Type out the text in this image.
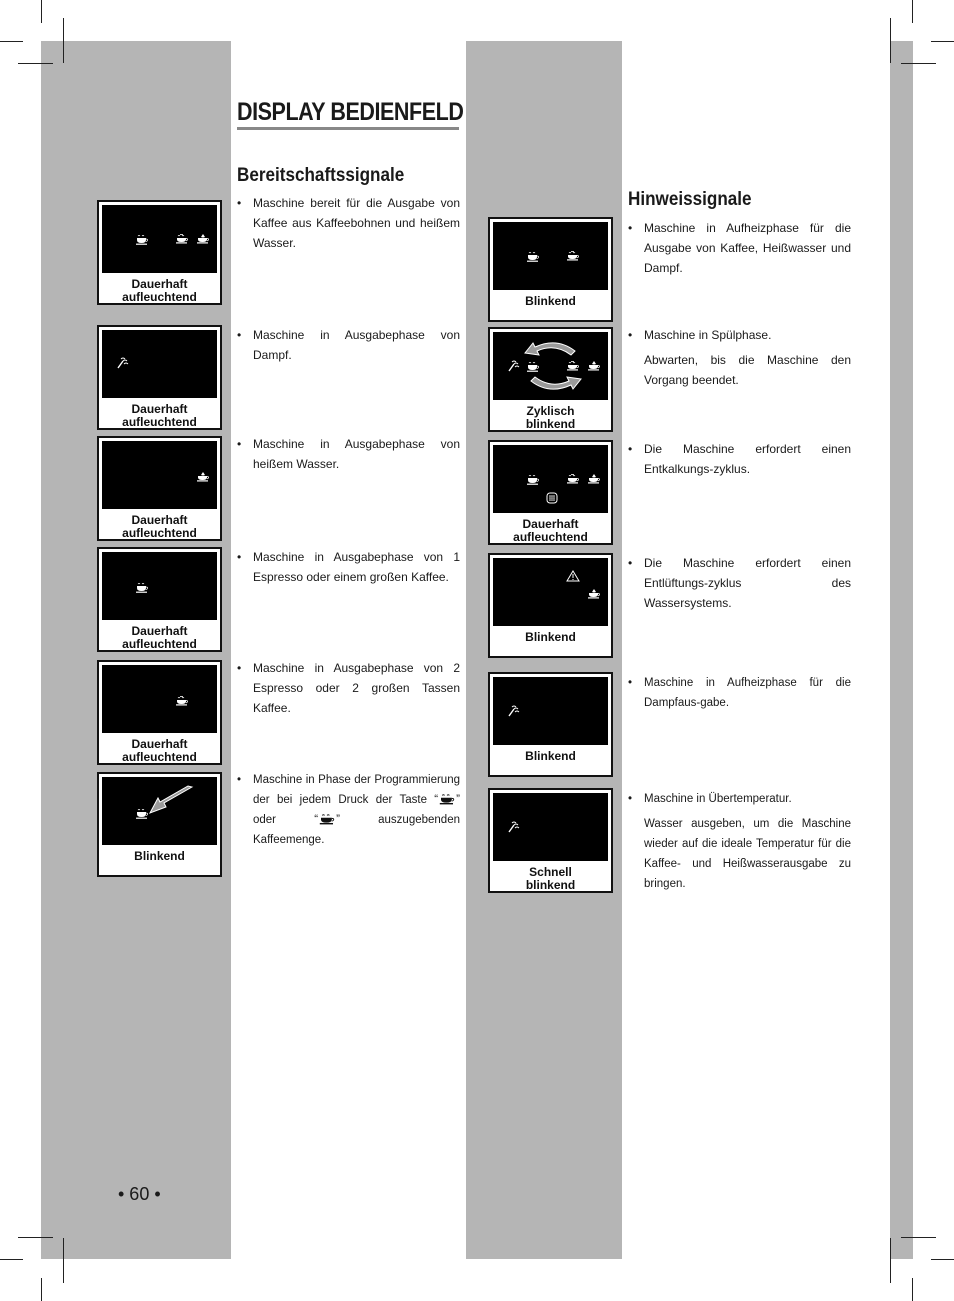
DISPLAY BEDIENFELD
Bereitschaftssignale
Hinweissignale
Dauerhaft
aufleuchtend
• Maschine bereit für die Ausgabe von Kaffee aus Kaffeebohnen und heißem Wasser.
Dauerhaft
aufleuchtend
• Maschine in Ausgabephase von Dampf.
Dauerhaft
aufleuchtend
• Maschine in Ausgabephase von heißem Wasser.
Dauerhaft
aufleuchtend
• Maschine in Ausgabephase von 1 Espresso oder einem großen Kaffee.
Dauerhaft
aufleuchtend
• Maschine in Ausgabephase von 2 Espresso oder 2 großen Tassen Kaffee.
Blinkend
• Maschine in Phase der Programmierung der bei jedem Druck der Taste “ ” oder “ ” auszugebenden Kaffeemenge.
Blinkend
• Maschine in Aufheizphase für die Ausgabe von Kaffee, Heißwasser und Dampf.
Zyklisch
blinkend
• Maschine in Spülphase.
Abwarten, bis die Maschine den Vorgang beendet.
Dauerhaft
aufleuchtend
• Die Maschine erfordert einen Entkalkungs-zyklus.
Blinkend
• Die Maschine erfordert einen Entlüftungs-zyklus des Wassersystems.
Blinkend
• Maschine in Aufheizphase für die Dampfaus-gabe.
Schnell
blinkend
• Maschine in Übertemperatur.
Wasser ausgeben, um die Maschine wieder auf die ideale Temperatur für die Kaffee- und Heißwasserausgabe zu bringen.
• 60 •
